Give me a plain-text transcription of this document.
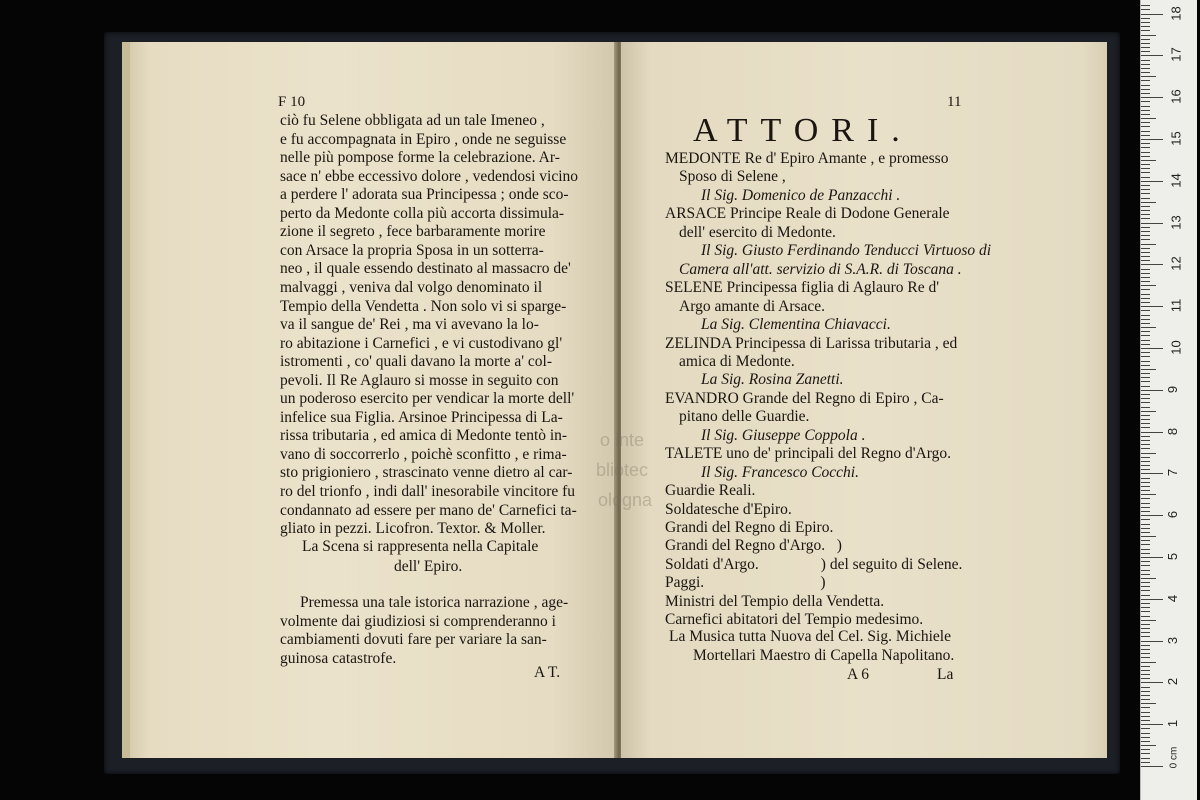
F 10
ciò fu Selene obbligata ad un tale Imeneo ,
e fu accompagnata in Epiro , onde ne seguisse
nelle più pompose forme la celebrazione. Ar-
sace n' ebbe eccessivo dolore , vedendosi vicino
a perdere l' adorata sua Principessa ; onde sco-
perto da Medonte colla più accorta dissimula-
zione il segreto , fece barbaramente morire
con Arsace la propria Sposa in un sotterra-
neo , il quale essendo destinato al massacro de'
malvaggi , veniva dal volgo denominato il
Tempio della Vendetta . Non solo vi si sparge-
va il sangue de' Rei , ma vi avevano la lo-
ro abitazione i Carnefici , e vi custodivano gl'
istromenti , co' quali davano la morte a' col-
pevoli. Il Re Aglauro si mosse in seguito con
un poderoso esercito per vendicar la morte dell'
infelice sua Figlia. Arsinoe Principessa di La-
rissa tributaria , ed amica di Medonte tentò in-
vano di soccorrerlo , poichè sconfitto , e rima-
sto prigioniero , strascinato venne dietro al car-
ro del trionfo , indi dall' inesorabile vincitore fu
condannato ad essere per mano de' Carnefici ta-
gliato in pezzi. Licofron. Textor. & Moller.
La Scena si rappresenta nella Capitale
dell' Epiro.
Premessa una tale istorica narrazione , age-
volmente dai giudiziosi si comprenderanno i
cambiamenti dovuti fare per variare la san-
guinosa catastrofe.
A T.
11
ATTORI.
MEDONTE Re d' Epiro Amante , e promesso
Sposo di Selene ,
Il Sig. Domenico de Panzacchi .
ARSACE Principe Reale di Dodone Generale
dell' esercito di Medonte.
Il Sig. Giusto Ferdinando Tenducci Virtuoso di
Camera all'att. servizio di S.A.R. di Toscana .
SELENE Principessa figlia di Aglauro Re d'
Argo amante di Arsace.
La Sig. Clementina Chiavacci.
ZELINDA Principessa di Larissa tributaria , ed
amica di Medonte.
La Sig. Rosina Zanetti.
EVANDRO Grande del Regno di Epiro , Ca-
pitano delle Guardie.
Il Sig. Giuseppe Coppola .
TALETE uno de' principali del Regno d'Argo.
Il Sig. Francesco Cocchi.
Guardie Reali.
Soldatesche d'Epiro.
Grandi del Regno di Epiro.
Grandi del Regno d'Argo.   )
Soldati d'Argo.                ) del seguito di Selene.
Paggi.                              )
Ministri del Tempio della Vendetta.
Carnefici abitatori del Tempio medesimo.
La Musica tutta Nuova del Cel. Sig. Michiele
Mortellari Maestro di Capella Napolitano.
A 6	La
o inte
bliotec
ologna
0 cm
1
2
3
4
5
6
7
8
9
10
11
12
13
14
15
16
17
18
